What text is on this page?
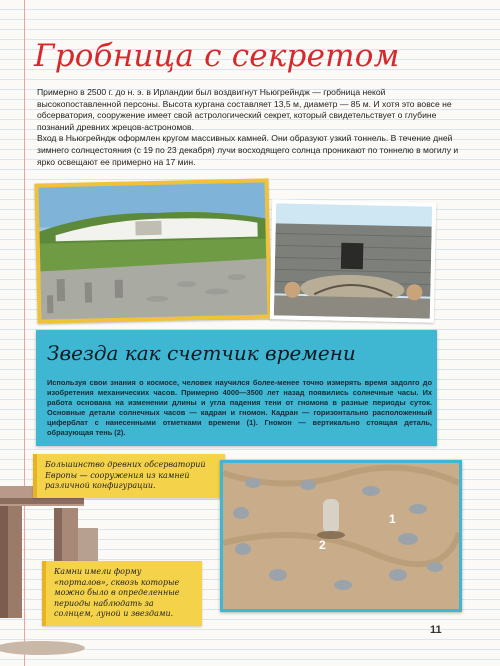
Гробница с секретом

Примерно в 2500 г. до н. э. в Ирландии был воздвигнут Ньюгрейндж — гробница некой высокопоставленной персоны. Высота кургана составляет 13,5 м, диаметр — 85 м. И хотя это вовсе не обсерватория, сооружение имеет свой астрологический секрет, который свидетельствует о глубине познаний древних жрецов-астрономов.

Вход в Ньюгрейндж оформлен кругом массивных камней. Они образуют узкий тоннель. В течение дней зимнего солнцестояния (с 19 по 23 декабря) лучи восходящего солнца проникают по тоннелю в могилу и ярко освещают ее примерно на 17 мин.

Звезда как счетчик времени
Используя свои знания о космосе, человек научился более-менее точно измерять время задолго до изобретения механических часов. Примерно 4000—3500 лет назад появились солнечные часы. Их работа основана на изменении длины и угла падения тени от гномона в разные периоды суток. Основные детали солнечных часов — кадран и гномон. Кадран — горизонтально расположенный циферблат с нанесенными отметками времени (1). Гномон — вертикально стоящая деталь, образующая тень (2).
Большинство древних обсерваторий Европы — сооружения из камней различной конфигурации.
Камни имели форму «порталов», сквозь которые можно было в определенные периоды наблюдать за солнцем, луной и звездами.
2
1
11
